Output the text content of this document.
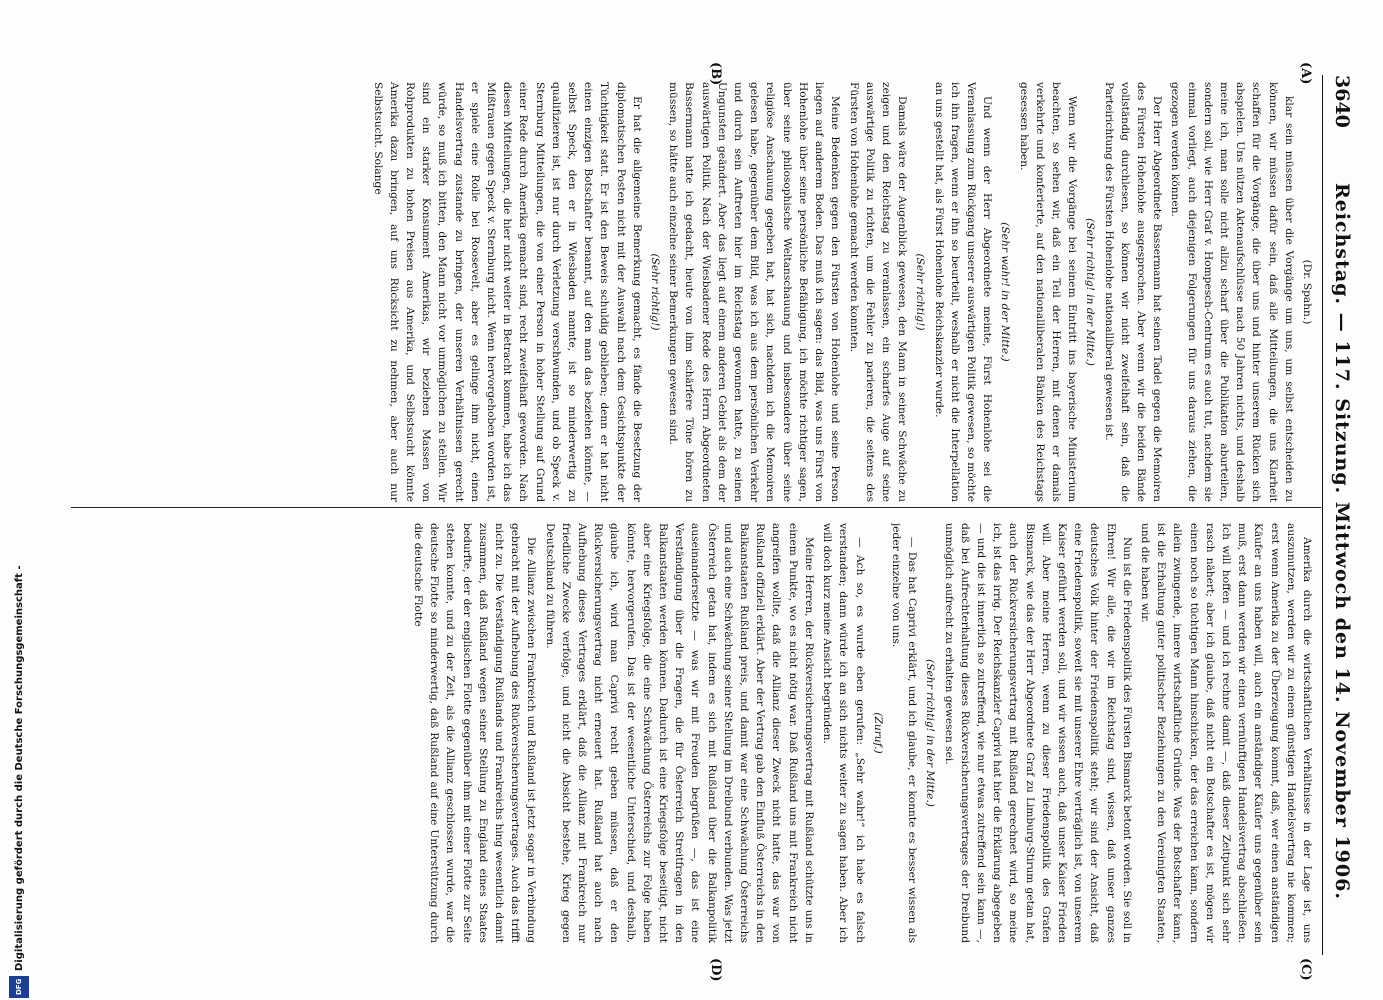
3640
Reichstag. — 117. Sitzung. Mittwoch den 14. November 1906.
(A)
(B)
(C)
(D)

(Dr. Spahn.)

klar sein müssen über die Vorgänge um uns, um selbst entscheiden zu können, wir müssen dafür sein, daß alle Mitteilungen, die uns Klarheit schaffen für die Vorgänge, die über uns und hinter unserem Rücken sich abspielen. Uns nützen Aktenaufschlüsse nach 50 Jahren nichts, und deshalb meine ich, man solle nicht allzu scharf über die Publikation aburteilen, sondern soll, wie Herr Graf v. Hompesch-Centrum es auch tut, nachdem sie einmal vorliegt, auch diejenigen Folgerungen für uns daraus ziehen, die gezogen werden können.

Der Herr Abgeordnete Bassermann hat seinen Tadel gegen die Memoiren des Fürsten Hohenlohe ausgesprochen. Aber wenn wir die beiden Bände vollständig durchlesen, so können wir nicht zweifelhaft sein, daß die Parteirichtung des Fürsten Hohenlohe nationalliberal gewesen ist.

(Sehr richtig! in der Mitte.)

Wenn wir die Vorgänge bei seinem Eintritt ins bayerische Ministerium beachten, so sehen wir, daß ein Teil der Herren, mit denen er damals verkehrte und konferierte, auf den nationalliberalen Bänken des Reichstags gesessen haben.

(Sehr wahr! in der Mitte.)

Und wenn der Herr Abgeordnete meinte, Fürst Hohenlohe sei die Veranlassung zum Rückgang unserer auswärtigen Politik gewesen, so möchte ich ihn fragen, wenn er ihn so beurteilt, weshalb er nicht die Interpellation an uns gestellt hat, als Fürst Hohenlohe Reichskanzler wurde.

(Sehr richtig!)

Damals wäre der Augenblick gewesen, den Mann in seiner Schwäche zu zeigen und den Reichstag zu veranlassen, ein scharfes Auge auf seine auswärtige Politik zu richten, um die Fehler zu parieren, die seitens des Fürsten von Hohenlohe gemacht werden konnten.

Meine Bedenken gegen den Fürsten von Hohenlohe und seine Person liegen auf anderem Boden. Das muß ich sagen: das Bild, was uns Fürst von Hohenlohe über seine persönliche Befähigung, ich möchte richtiger sagen, über seine philosophische Weltanschauung und insbesondere über seine religiöse Anschauung gegeben hat, hat sich, nachdem ich die Memoiren gelesen habe, gegenüber dem Bild, was ich aus dem persönlichen Verkehr und durch sein Auftreten hier im Reichstag gewonnen hatte, zu seinen Ungunsten geändert. Aber das liegt auf einem anderen Gebiet als dem der auswärtigen Politik. Nach der Wiesbadener Rede des Herrn Abgeordneten Bassermann hatte ich gedacht, heute von ihm schärfere Töne hören zu müssen, so hätte auch einzelne seiner Bemerkungen gewesen sind.

(Sehr richtig!)

Er hat die allgemeine Bemerkung gemacht, es fände die Besetzung der diplomatischen Posten nicht mit der Auswahl nach dem Gesichtspunkte der Tüchtigkeit statt. Er ist den Beweis schuldig geblieben; denn er hat nicht einen einzigen Botschafter benannt, auf den man das beziehen könnte, — selbst Speck, den er in Wiesbaden nannte, ist so minderwertig zu qualifizieren ist, ist nur durch Verletzung verschwunden, und ob Speck v. Sternburg Mitteilungen, die von einer Person in hoher Stellung auf Grund einer Rede durch Amerika gemacht sind, recht zweifelhaft geworden. Nach diesen Mitteilungen, die hier nicht weiter in Betracht kommen, habe ich das Mißtrauen gegen Speck v. Sternburg nicht. Wenn hervorgehoben worden ist, er spiele eine Rolle bei Roosevelt, aber es gelinge ihm nicht, einen Handelsvertrag zustande zu bringen, der unseren Verhältnissen gerecht würde, so muß ich bitten, den Mann nicht vor unmöglichen zu stellen. Wir sind ein starker Konsument Amerikas, wir beziehen Massen von Rohprodukten zu hohen Preisen aus Amerika, und Selbstsucht könnte Amerika dazu bringen, auf uns Rücksicht zu nehmen, aber auch nur Selbstsucht. Solange

Amerika durch die wirtschaftlichen Verhältnisse in der Lage ist, uns auszunutzen, werden wir zu einem günstigen Handelsvertrag nie kommen; erst wenn Amerika zu der Überzeugung kommt, daß, wer einen anständigen Käufer an uns haben will, auch ein anständiger Käufer uns gegenüber sein muß, erst dann werden wir einen vernünftigen Handelsvertrag abschließen. Ich will hoffen — und ich rechne damit —, daß dieser Zeitpunkt sich sehr rasch nähert; aber ich glaube, daß nicht ein Botschafter es ist, mögen wir einen noch so tüchtigen Mann hinschicken, der das erreichen kann, sondern allein zwingende, innere wirtschaftliche Gründe. Was der Botschafter kann, ist die Erhaltung guter politischer Beziehungen zu den Vereinigten Staaten, und die haben wir.

Nun ist die Friedenspolitik des Fürsten Bismarck betont worden. Sie soll in Ehren! Wir alle, die wir im Reichstag sind, wissen, daß unser ganzes deutsches Volk hinter der Friedenspolitik steht; wir sind der Ansicht, daß eine Friedenspolitik, soweit sie mit unserer Ehre verträglich ist, von unserem Kaiser geführt werden soll, und wir wissen auch, daß unser Kaiser Frieden will. Aber meine Herren, wenn zu dieser Friedenspolitik des Grafen Bismarck, wie das der Herr Abgeordnete Graf zu Limburg-Stirum getan hat, auch der Rückversicherungsvertrag mit Rußland gerechnet wird, so meine ich, ist das irrig. Der Reichskanzler Caprivi hat hier die Erklärung abgegeben — und die ist innerlich so zutreffend, wie nur etwas zutreffend sein kann —, daß bei Aufrechterhaltung dieses Rückversicherungsvertrages der Dreibund unmöglich aufrecht zu erhalten gewesen sei.

(Sehr richtig! in der Mitte.)

— Das hat Caprivi erklärt, und ich glaube, er konnte es besser wissen als jeder einzelne von uns.

(Zuruf.)

— Ach so, es wurde eben gerufen: „Sehr wahr!“ ich habe es falsch verstanden; dann würde ich an sich nichts weiter zu sagen haben. Aber ich will doch kurz meine Ansicht begründen.

Meine Herren, der Rückversicherungsvertrag mit Rußland schützte uns in einem Punkte, wo es nicht nötig war. Daß Rußland uns mit Frankreich nicht angreifen wollte, daß die Allianz dieser Zweck nicht hatte, das war von Rußland offiziell erklärt. Aber der Vertrag gab den Einfluß Österreichs in den Balkanstaaten Rußland preis, und damit war eine Schwächung Österreichs und auch eine Schwächung seiner Stellung im Dreibund verbunden. Was jetzt Österreich getan hat, indem es sich mit Rußland über die Balkanpolitik auseinandersetzte — was wir mit Freuden begrüßen —, das ist eine Verständigung über die Fragen, die für Österreich Streitfragen in den Balkanstaaten werden können. Dadurch ist eine Kriegsfolge beseitigt, nicht aber eine Kriegsfolge, die eine Schwächung Österreichs zur Folge haben könnte, hervorgerufen. Das ist der wesentliche Unterschied, und deshalb, glaube ich, wird man Caprivi recht geben müssen, daß er den Rückversicherungsvertrag nicht erneuert hat. Rußland hat auch nach Aufhebung dieses Vertrages erklärt, daß die Allianz mit Frankreich nur friedliche Zwecke verfolge, und nicht die Absicht bestehe, Krieg gegen Deutschland zu führen.

Die Allianz zwischen Frankreich und Rußland ist jetzt sogar in Verbindung gebracht mit der Aufhebung des Rückversicherungsvertrages. Auch das trifft nicht zu. Die Verständigung Rußlands und Frankreichs hing wesentlich damit zusammen, daß Rußland wegen seiner Stellung zu England eines Staates bedurfte, der der englischen Flotte gegenüber ihm mit einer Flotte zur Seite stehen konnte, und zu der Zeit, als die Allianz geschlossen wurde, war die deutsche Flotte so minderwertig, daß Rußland auf eine Unterstützung durch die deutsche Flotte

Digitalisierung gefördert durch die Deutsche Forschungsgemeinschaft -
DFG
